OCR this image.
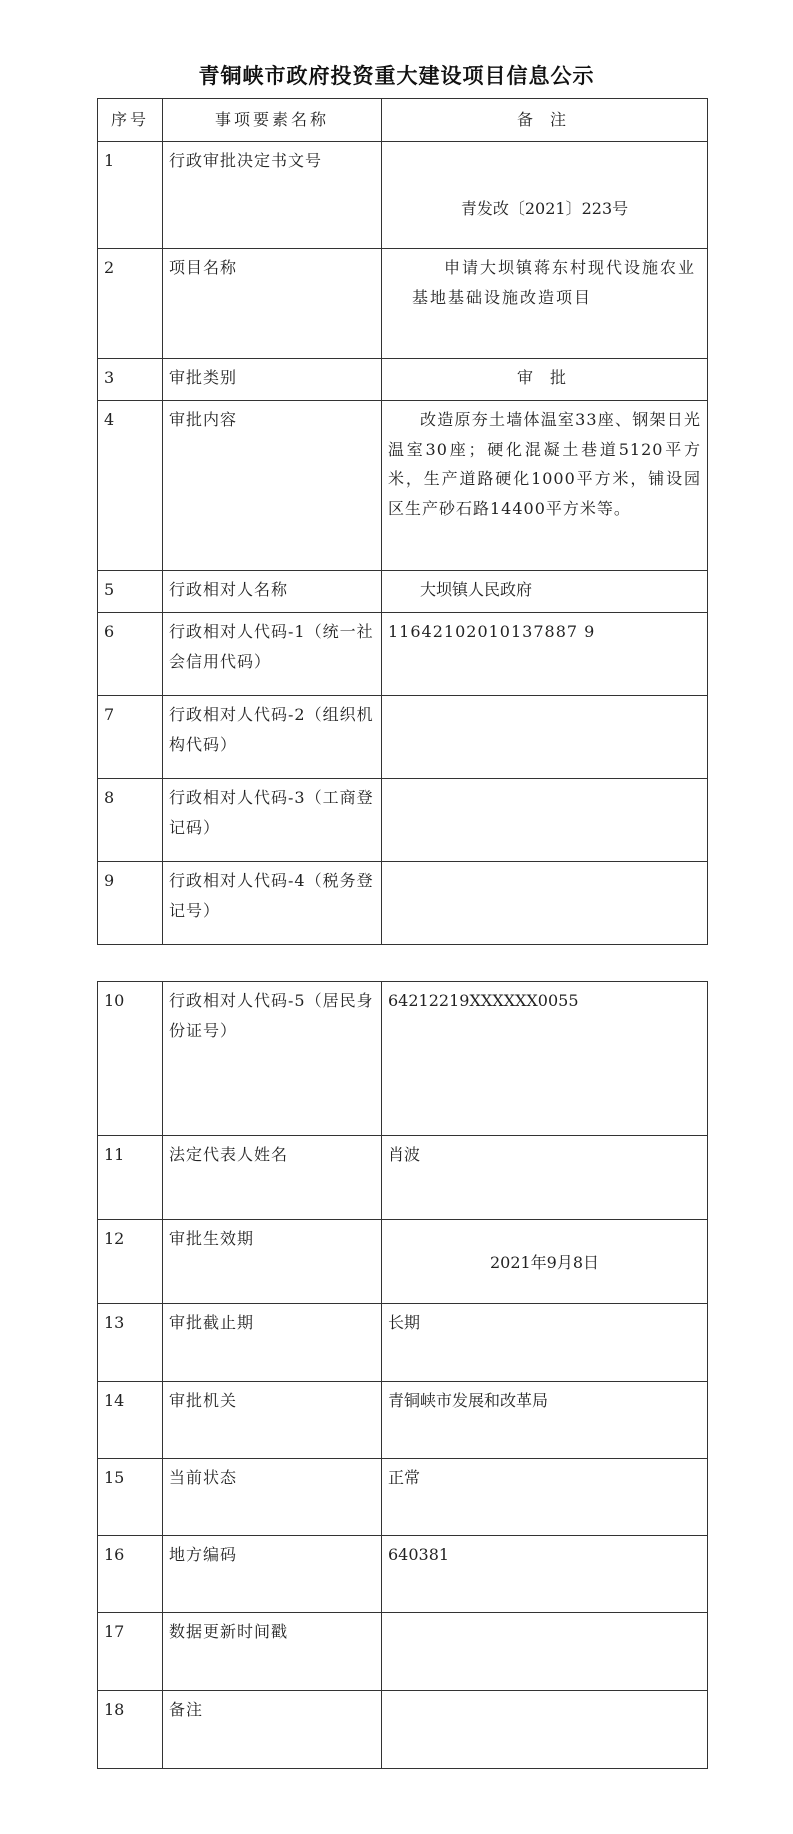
青铜峡市政府投资重大建设项目信息公示
序号	事项要素名称	备 注
1	行政审批决定书文号	青发改〔2021〕223号
2	项目名称	申请大坝镇蒋东村现代设施农业基地基础设施改造项目
3	审批类别	审 批
4	审批内容	改造原夯土墙体温室33座、钢架日光温室30座；硬化混凝土巷道5120平方米，生产道路硬化1000平方米，铺设园区生产砂石路14400平方米等。
5	行政相对人名称	大坝镇人民政府
6	行政相对人代码-1（统一社会信用代码）	11642102010137887 9
7	行政相对人代码-2（组织机构代码）	
8	行政相对人代码-3（工商登记码）	
9	行政相对人代码-4（税务登记号）	
10	行政相对人代码-5（居民身份证号）	64212219XXXXXX0055
11	法定代表人姓名	肖波
12	审批生效期	2021年9月8日
13	审批截止期	长期
14	审批机关	青铜峡市发展和改革局
15	当前状态	正常
16	地方编码	640381
17	数据更新时间戳	
18	备注	
